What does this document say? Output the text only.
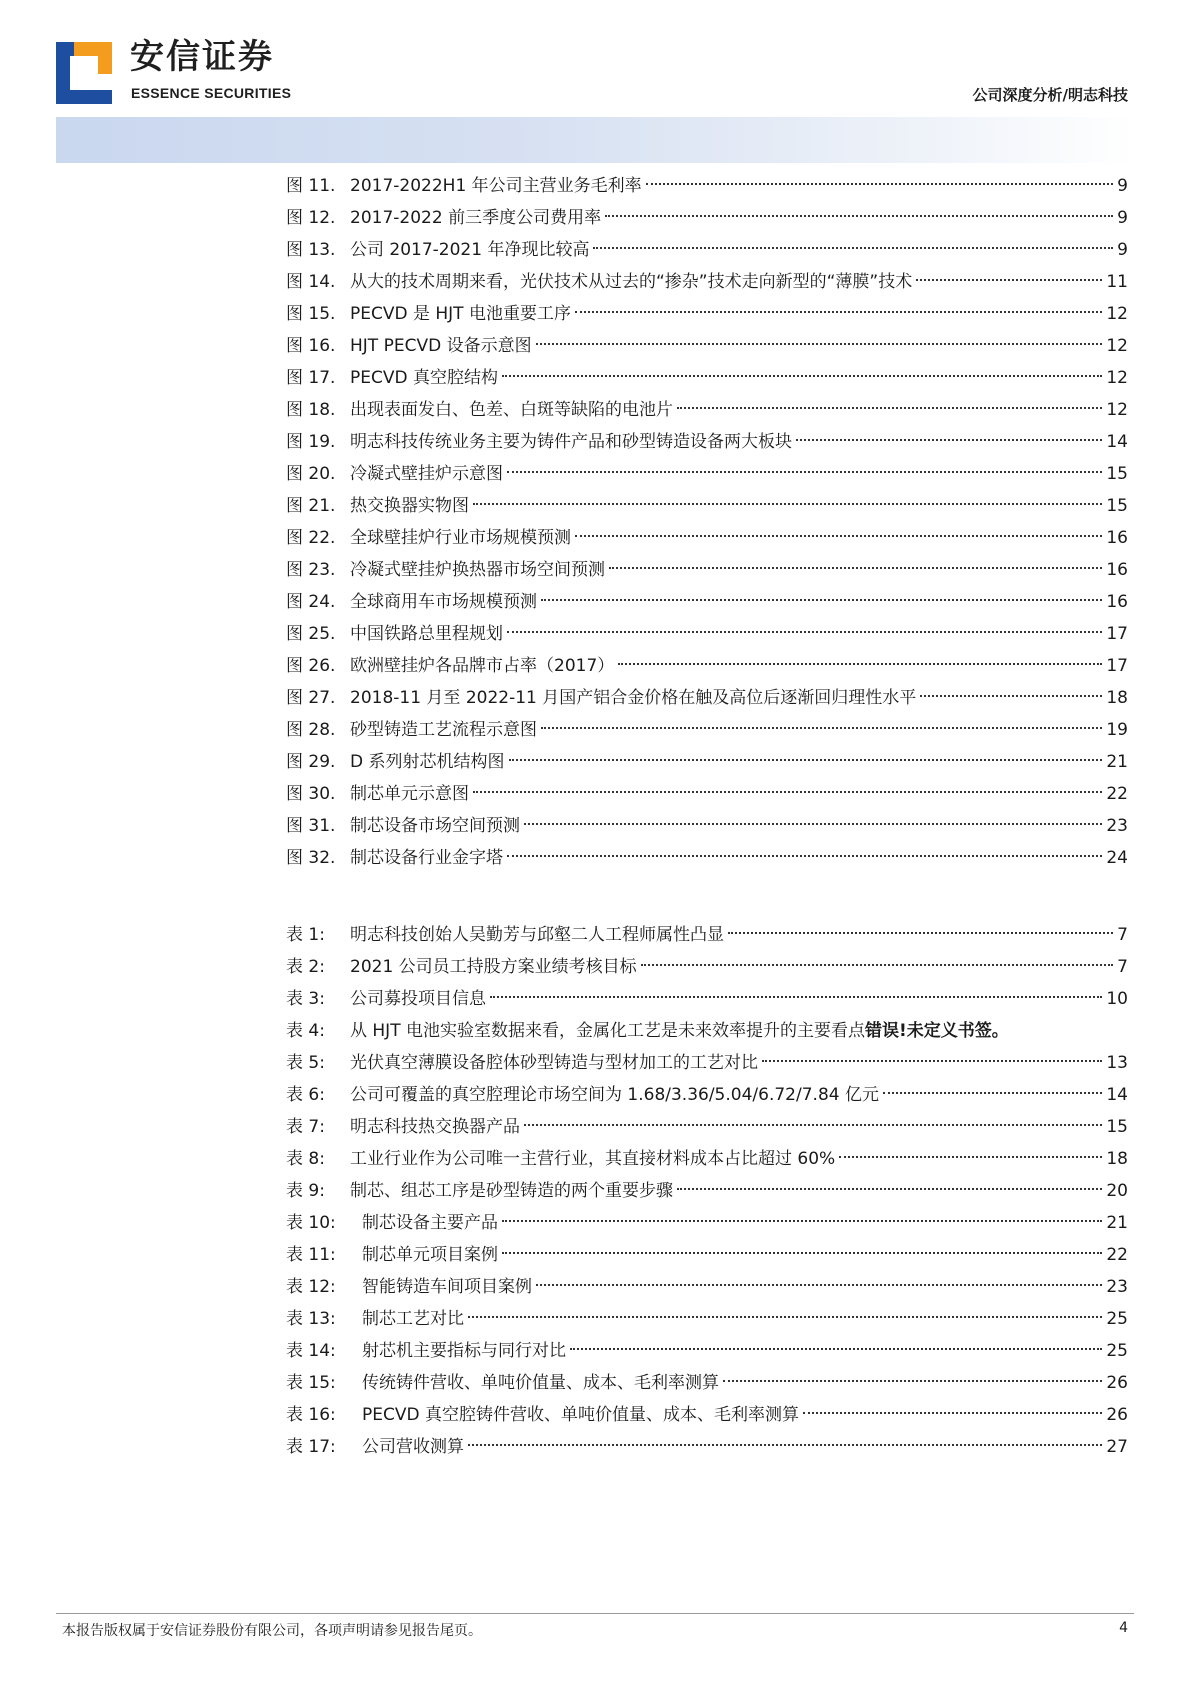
安信证券
ESSENCE SECURITIES	公司深度分析/明志科技
图 11. 2017-2022H1 年公司主营业务毛利率	9
图 12. 2017-2022 前三季度公司费用率	9
图 13. 公司 2017-2021 年净现比较高	9
图 14. 从大的技术周期来看，光伏技术从过去的“掺杂”技术走向新型的“薄膜”技术	11
图 15. PECVD 是 HJT 电池重要工序	12
图 16. HJT PECVD 设备示意图	12
图 17. PECVD 真空腔结构	12
图 18. 出现表面发白、色差、白斑等缺陷的电池片	12
图 19. 明志科技传统业务主要为铸件产品和砂型铸造设备两大板块	14
图 20. 冷凝式壁挂炉示意图	15
图 21. 热交换器实物图	15
图 22. 全球壁挂炉行业市场规模预测	16
图 23. 冷凝式壁挂炉换热器市场空间预测	16
图 24. 全球商用车市场规模预测	16
图 25. 中国铁路总里程规划	17
图 26. 欧洲壁挂炉各品牌市占率（2017）	17
图 27. 2018-11 月至 2022-11 月国产铝合金价格在触及高位后逐渐回归理性水平	18
图 28. 砂型铸造工艺流程示意图	19
图 29. D 系列射芯机结构图	21
图 30. 制芯单元示意图	22
图 31. 制芯设备市场空间预测	23
图 32. 制芯设备行业金字塔	24
表 1:	明志科技创始人吴勤芳与邱壑二人工程师属性凸显	7
表 2:	2021 公司员工持股方案业绩考核目标	7
表 3:	公司募投项目信息	10
表 4: 从 HJT 电池实验室数据来看，金属化工艺是未来效率提升的主要看点错误!未定义书签。
表 5:	光伏真空薄膜设备腔体砂型铸造与型材加工的工艺对比	13
表 6:	公司可覆盖的真空腔理论市场空间为 1.68/3.36/5.04/6.72/7.84 亿元	14
表 7:	明志科技热交换器产品	15
表 8:	工业行业作为公司唯一主营行业，其直接材料成本占比超过 60%	18
表 9:	制芯、组芯工序是砂型铸造的两个重要步骤	20
表 10:	制芯设备主要产品	21
表 11:	制芯单元项目案例	22
表 12:	智能铸造车间项目案例	23
表 13:	制芯工艺对比	25
表 14:	射芯机主要指标与同行对比	25
表 15:	传统铸件营收、单吨价值量、成本、毛利率测算	26
表 16:	PECVD 真空腔铸件营收、单吨价值量、成本、毛利率测算	26
表 17:	公司营收测算	27
本报告版权属于安信证券股份有限公司，各项声明请参见报告尾页。	4
